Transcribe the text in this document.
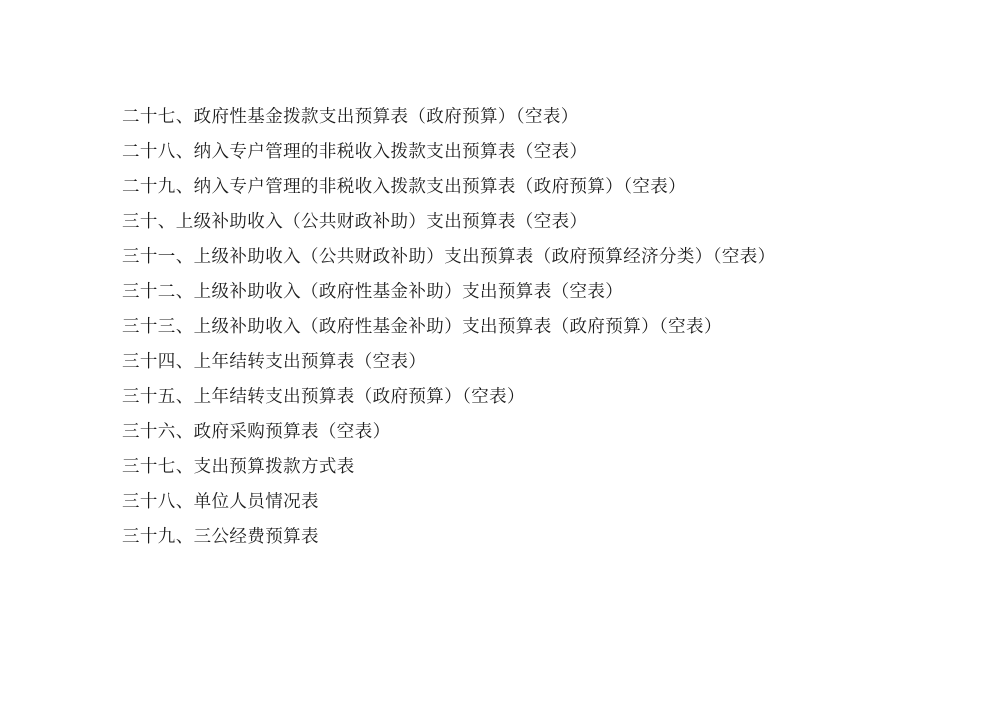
二十七、政府性基金拨款支出预算表（政府预算）（空表）

二十八、纳入专户管理的非税收入拨款支出预算表（空表）

二十九、纳入专户管理的非税收入拨款支出预算表（政府预算）（空表）

三十、上级补助收入（公共财政补助）支出预算表（空表）

三十一、上级补助收入（公共财政补助）支出预算表（政府预算经济分类）（空表）

三十二、上级补助收入（政府性基金补助）支出预算表（空表）

三十三、上级补助收入（政府性基金补助）支出预算表（政府预算）（空表）

三十四、上年结转支出预算表（空表）

三十五、上年结转支出预算表（政府预算）（空表）

三十六、政府采购预算表（空表）

三十七、支出预算拨款方式表

三十八、单位人员情况表

三十九、三公经费预算表
